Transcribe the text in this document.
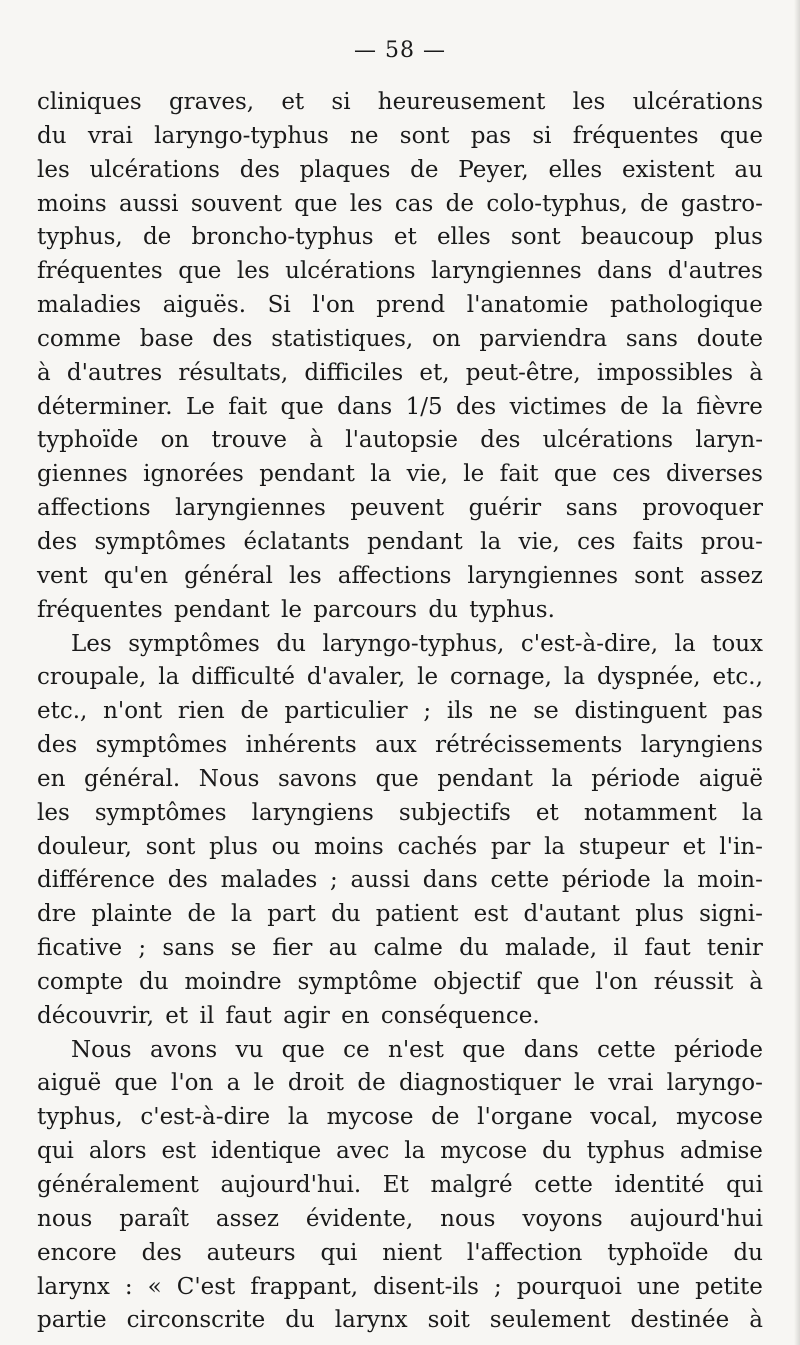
— 58 —
cliniques graves, et si heureusement les ulcérations
du vrai laryngo-typhus ne sont pas si fréquentes que
les ulcérations des plaques de Peyer, elles existent au
moins aussi souvent que les cas de colo-typhus, de gastro-
typhus, de broncho-typhus et elles sont beaucoup plus
fréquentes que les ulcérations laryngiennes dans d'autres
maladies aiguës. Si l'on prend l'anatomie pathologique
comme base des statistiques, on parviendra sans doute
à d'autres résultats, difficiles et, peut-être, impossibles à
déterminer. Le fait que dans 1/5 des victimes de la fièvre
typhoïde on trouve à l'autopsie des ulcérations laryn-
giennes ignorées pendant la vie, le fait que ces diverses
affections laryngiennes peuvent guérir sans provoquer
des symptômes éclatants pendant la vie, ces faits prou-
vent qu'en général les affections laryngiennes sont assez
fréquentes pendant le parcours du typhus.
Les symptômes du laryngo-typhus, c'est-à-dire, la toux
croupale, la difficulté d'avaler, le cornage, la dyspnée, etc.,
etc., n'ont rien de particulier ; ils ne se distinguent pas
des symptômes inhérents aux rétrécissements laryngiens
en général. Nous savons que pendant la période aiguë
les symptômes laryngiens subjectifs et notamment la
douleur, sont plus ou moins cachés par la stupeur et l'in-
différence des malades ; aussi dans cette période la moin-
dre plainte de la part du patient est d'autant plus signi-
ficative ; sans se fier au calme du malade, il faut tenir
compte du moindre symptôme objectif que l'on réussit à
découvrir, et il faut agir en conséquence.
Nous avons vu que ce n'est que dans cette période
aiguë que l'on a le droit de diagnostiquer le vrai laryngo-
typhus, c'est-à-dire la mycose de l'organe vocal, mycose
qui alors est identique avec la mycose du typhus admise
généralement aujourd'hui. Et malgré cette identité qui
nous paraît assez évidente, nous voyons aujourd'hui
encore des auteurs qui nient l'affection typhoïde du
larynx : « C'est frappant, disent-ils ; pourquoi une petite
partie circonscrite du larynx soit seulement destinée à
